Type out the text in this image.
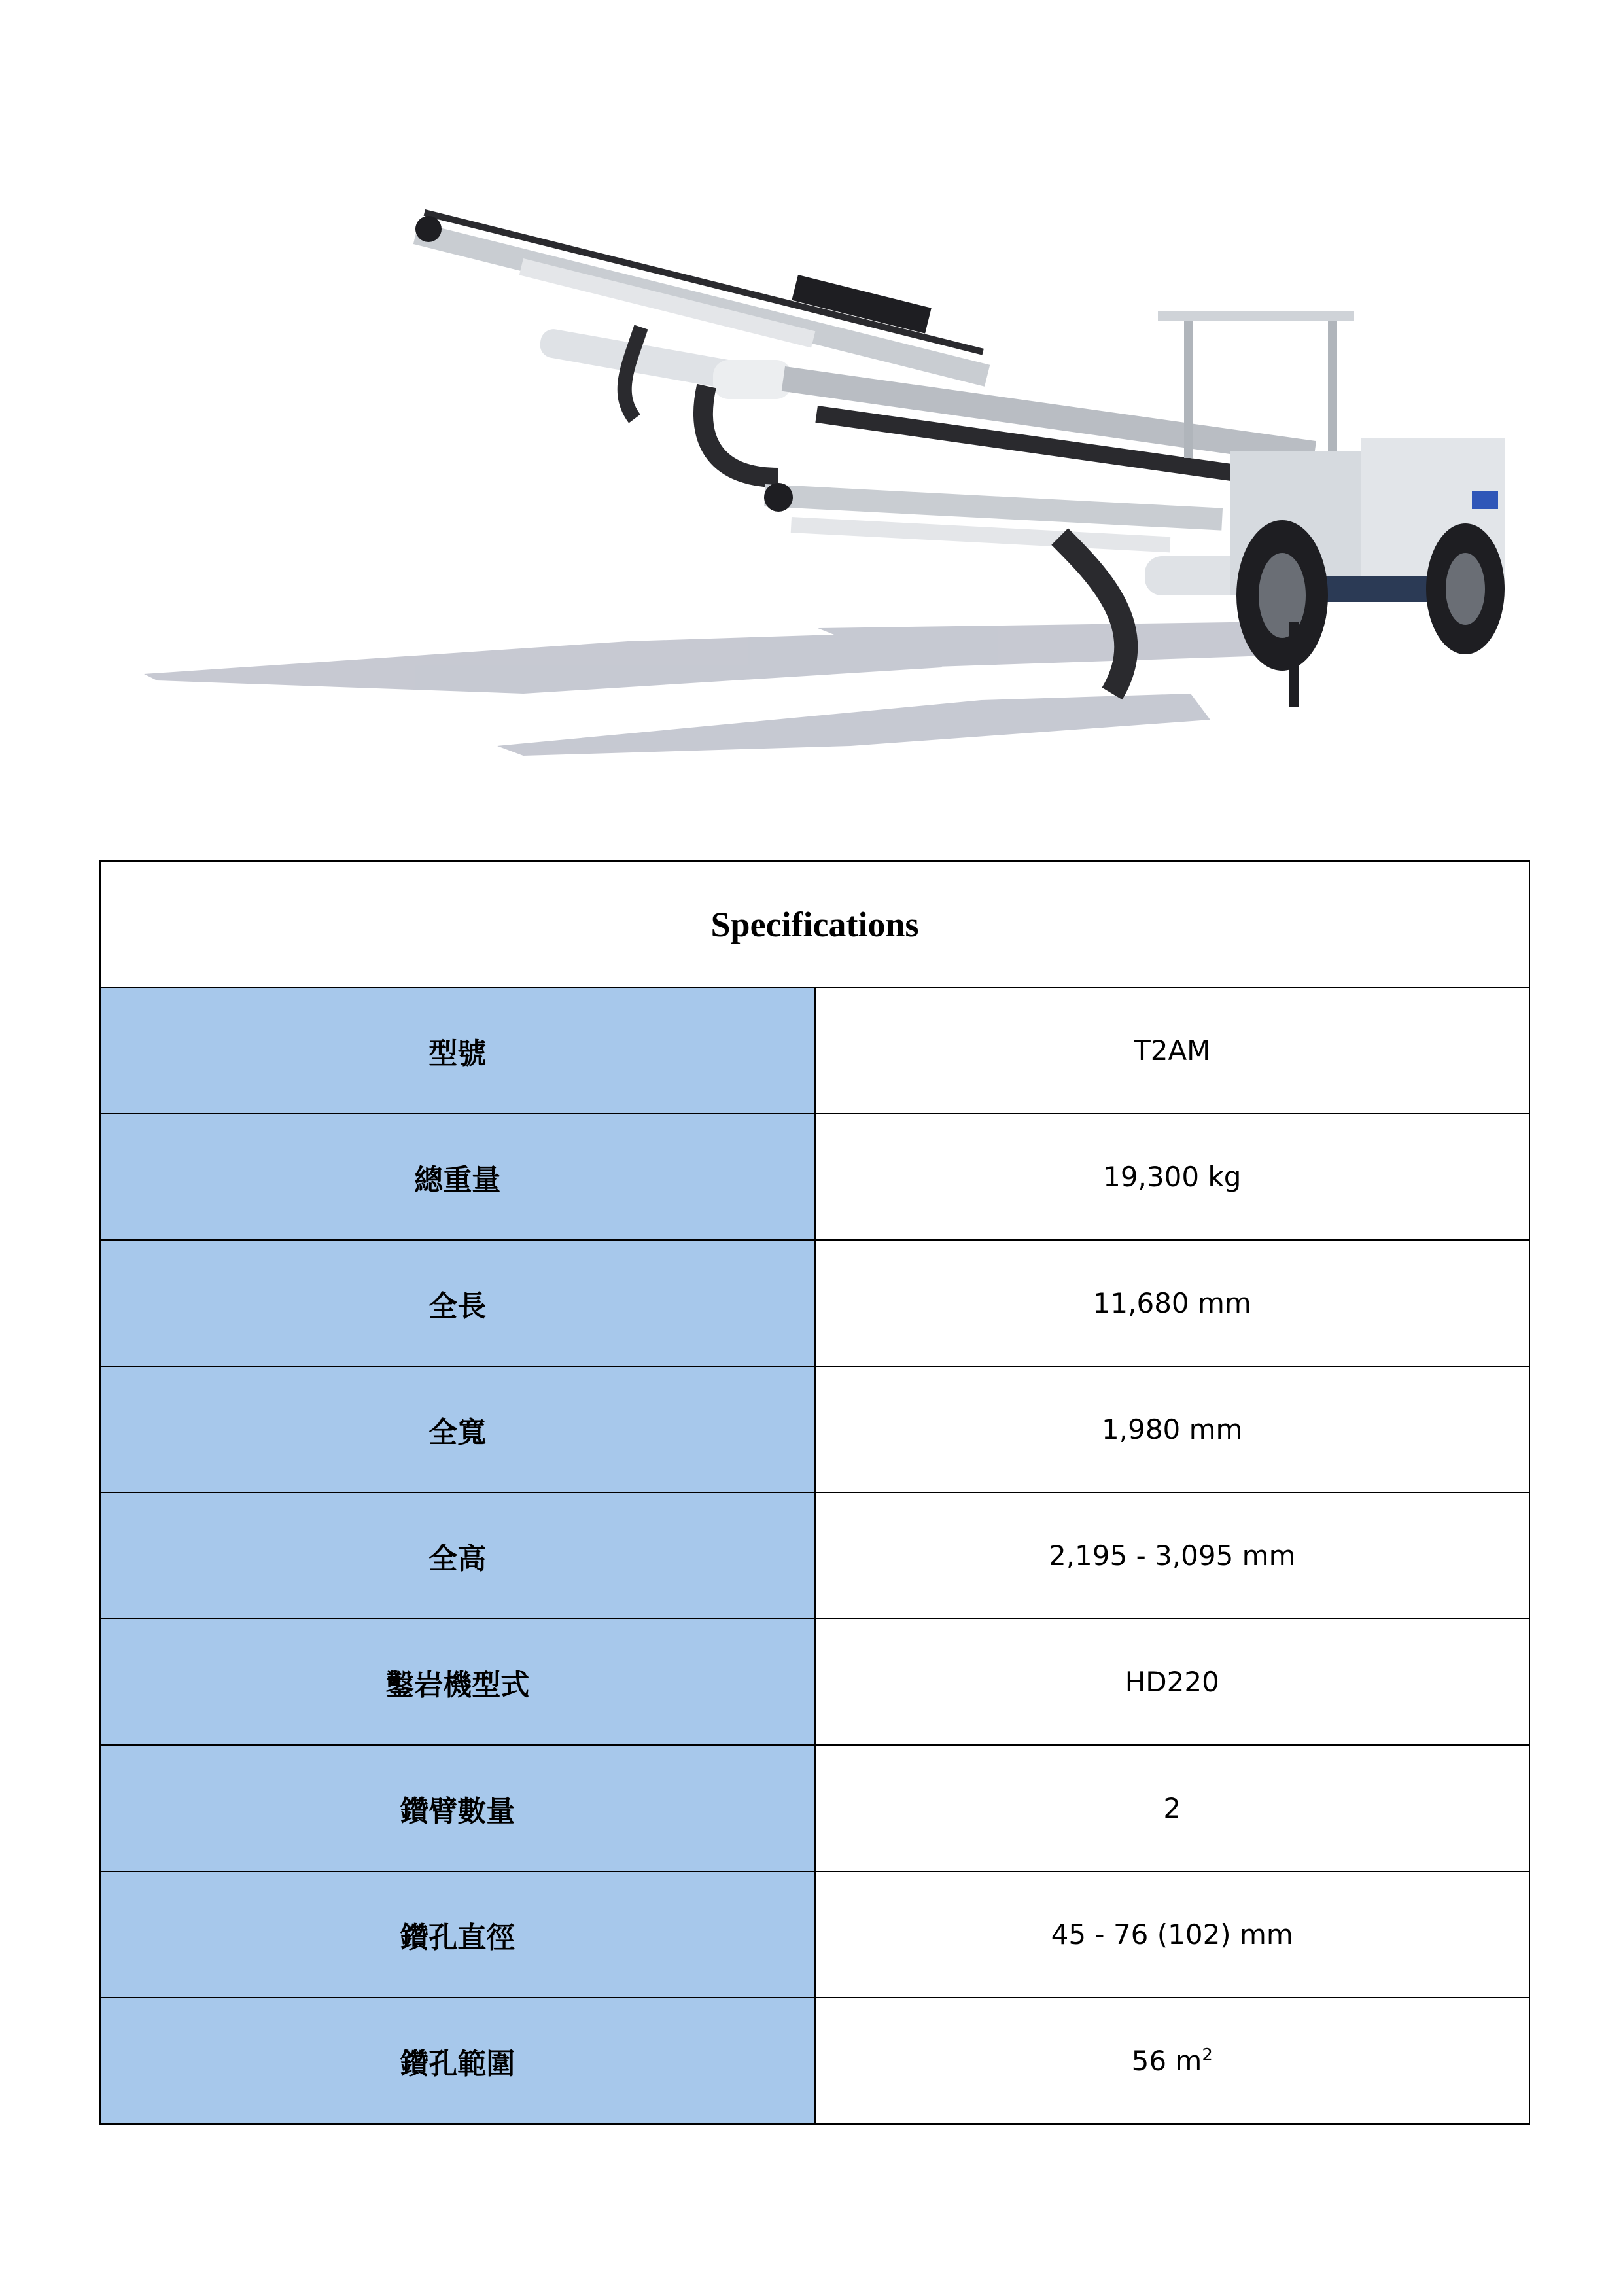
Specifications	
型號	T2AM
總重量	19,300 kg
全長	11,680 mm
全寬	1,980 mm
全高	2,195 - 3,095 mm
鑿岩機型式	HD220
鑽臂數量	2
鑽孔直徑	45 - 76 (102) mm
鑽孔範圍	56 $m^2$
